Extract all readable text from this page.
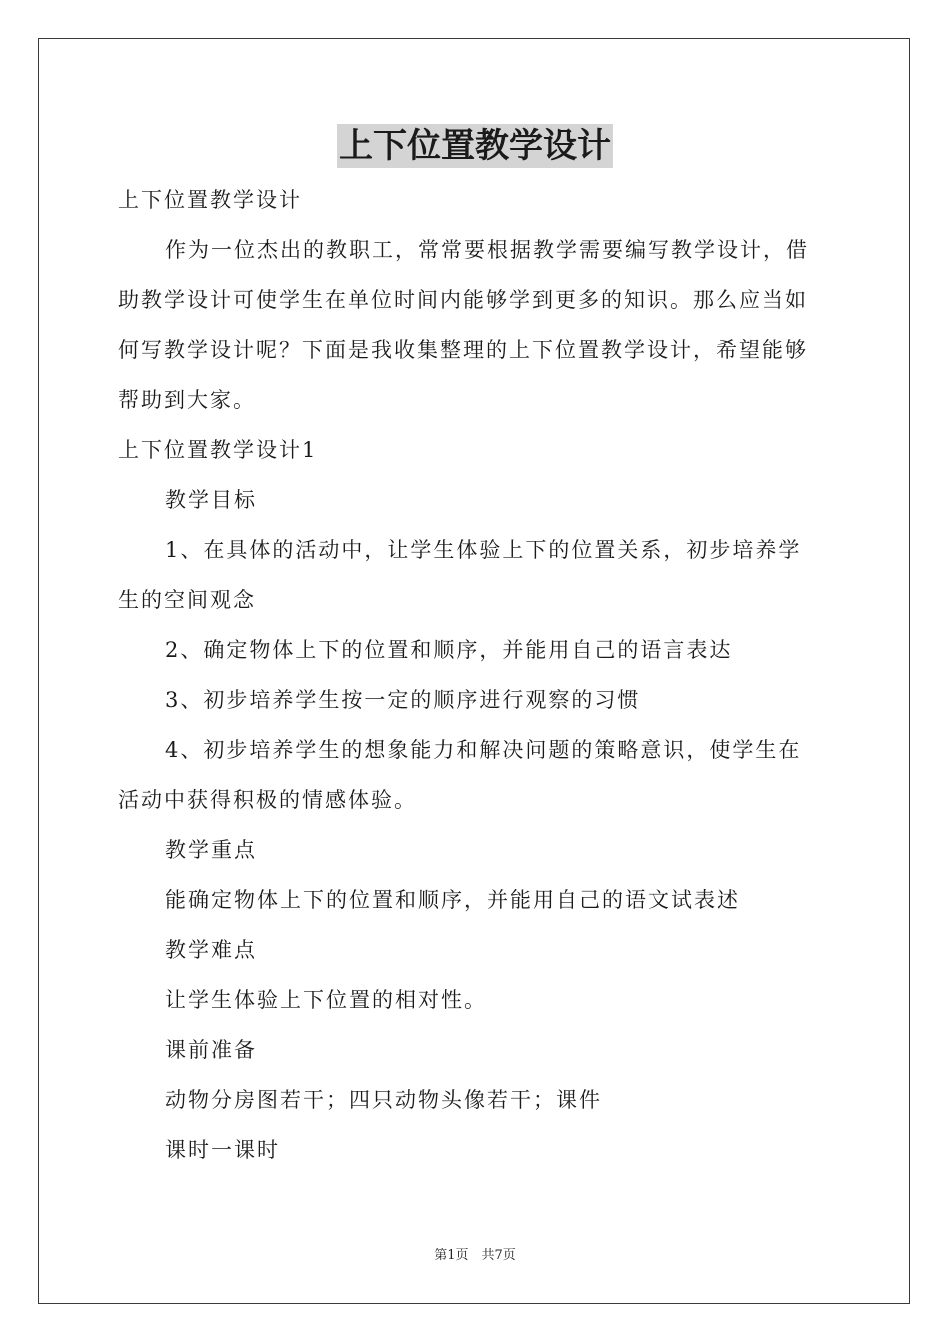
上下位置教学设计
上下位置教学设计
作为一位杰出的教职工，常常要根据教学需要编写教学设计，借
助教学设计可使学生在单位时间内能够学到更多的知识。那么应当如
何写教学设计呢？下面是我收集整理的上下位置教学设计，希望能够
帮助到大家。
上下位置教学设计1
教学目标
1、在具体的活动中，让学生体验上下的位置关系，初步培养学
生的空间观念
2、确定物体上下的位置和顺序，并能用自己的语言表达
3、初步培养学生按一定的顺序进行观察的习惯
4、初步培养学生的想象能力和解决问题的策略意识，使学生在
活动中获得积极的情感体验。
教学重点
能确定物体上下的位置和顺序，并能用自己的语文试表述
教学难点
让学生体验上下位置的相对性。
课前准备
动物分房图若干；四只动物头像若干；课件
课时一课时
第1页　共7页
